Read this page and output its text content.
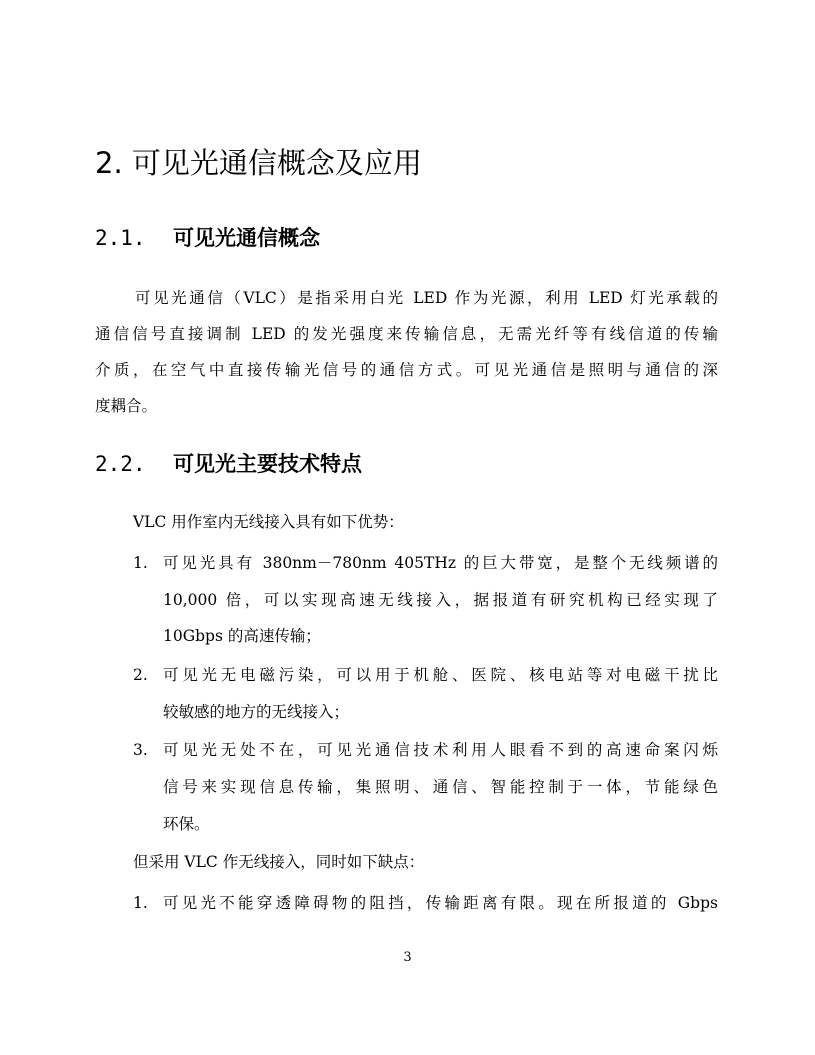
2. 可见光通信概念及应用
2.1. 可见光通信概念
可见光通信（VLC）是指采用白光 LED 作为光源，利用 LED 灯光承载的
通信信号直接调制 LED 的发光强度来传输信息，无需光纤等有线信道的传输
介质，在空气中直接传输光信号的通信方式。可见光通信是照明与通信的深
度耦合。
2.2. 可见光主要技术特点
VLC 用作室内无线接入具有如下优势：
1. 可见光具有 380nm－780nm 405THz 的巨大带宽，是整个无线频谱的
10,000 倍，可以实现高速无线接入，据报道有研究机构已经实现了
10Gbps 的高速传输；
2. 可见光无电磁污染，可以用于机舱、医院、核电站等对电磁干扰比
较敏感的地方的无线接入；
3. 可见光无处不在，可见光通信技术利用人眼看不到的高速命案闪烁
信号来实现信息传输，集照明、通信、智能控制于一体，节能绿色
环保。
但采用 VLC 作无线接入，同时如下缺点：
1. 可见光不能穿透障碍物的阻挡，传输距离有限。现在所报道的 Gbps
3
